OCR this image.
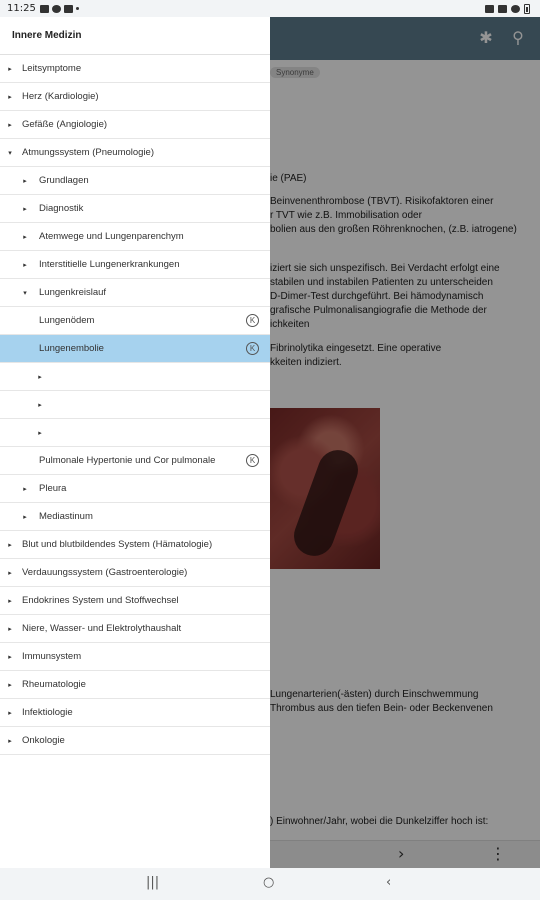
11:25
✱ ⚲
Synonyme
ie (PAE)
Beinvenenthrombose (TBVT). Risikofaktoren einer
r TVT wie z.B. Immobilisation oder
bolien aus den großen Röhrenknochen, (z.B. iatrogene)
iziert sie sich unspezifisch. Bei Verdacht erfolgt eine
stabilen und instabilen Patienten zu unterscheiden
D-Dimer-Test durchgeführt. Bei hämodynamisch
grafische Pulmonalisangiografie die Methode der
ichkeiten
Fibrinolytika eingesetzt. Eine operative
kkeiten indiziert.
Lungenarterien(-ästen) durch Einschwemmung
Thrombus aus den tiefen Bein- oder Beckenvenen
) Einwohner/Jahr, wobei die Dunkelziffer hoch ist:
›	⋮
Innere Medizin
▸	Leitsymptome
▸	Herz (Kardiologie)
▸	Gefäße (Angiologie)
▾	Atmungssystem (Pneumologie)
▸	Grundlagen
▸	Diagnostik
▸	Atemwege und Lungenparenchym
▸	Interstitielle Lungenerkrankungen
▾	Lungenkreislauf
Lungenödem	K
Lungenembolie	K
▸
▸
▸
Pulmonale Hypertonie und Cor pulmonale	K
▸	Pleura
▸	Mediastinum
▸	Blut und blutbildendes System (Hämatologie)
▸	Verdauungssystem (Gastroenterologie)
▸	Endokrines System und Stoffwechsel
▸	Niere, Wasser- und Elektrolythaushalt
▸	Immunsystem
▸	Rheumatologie
▸	Infektiologie
▸	Onkologie
|||	○	‹
